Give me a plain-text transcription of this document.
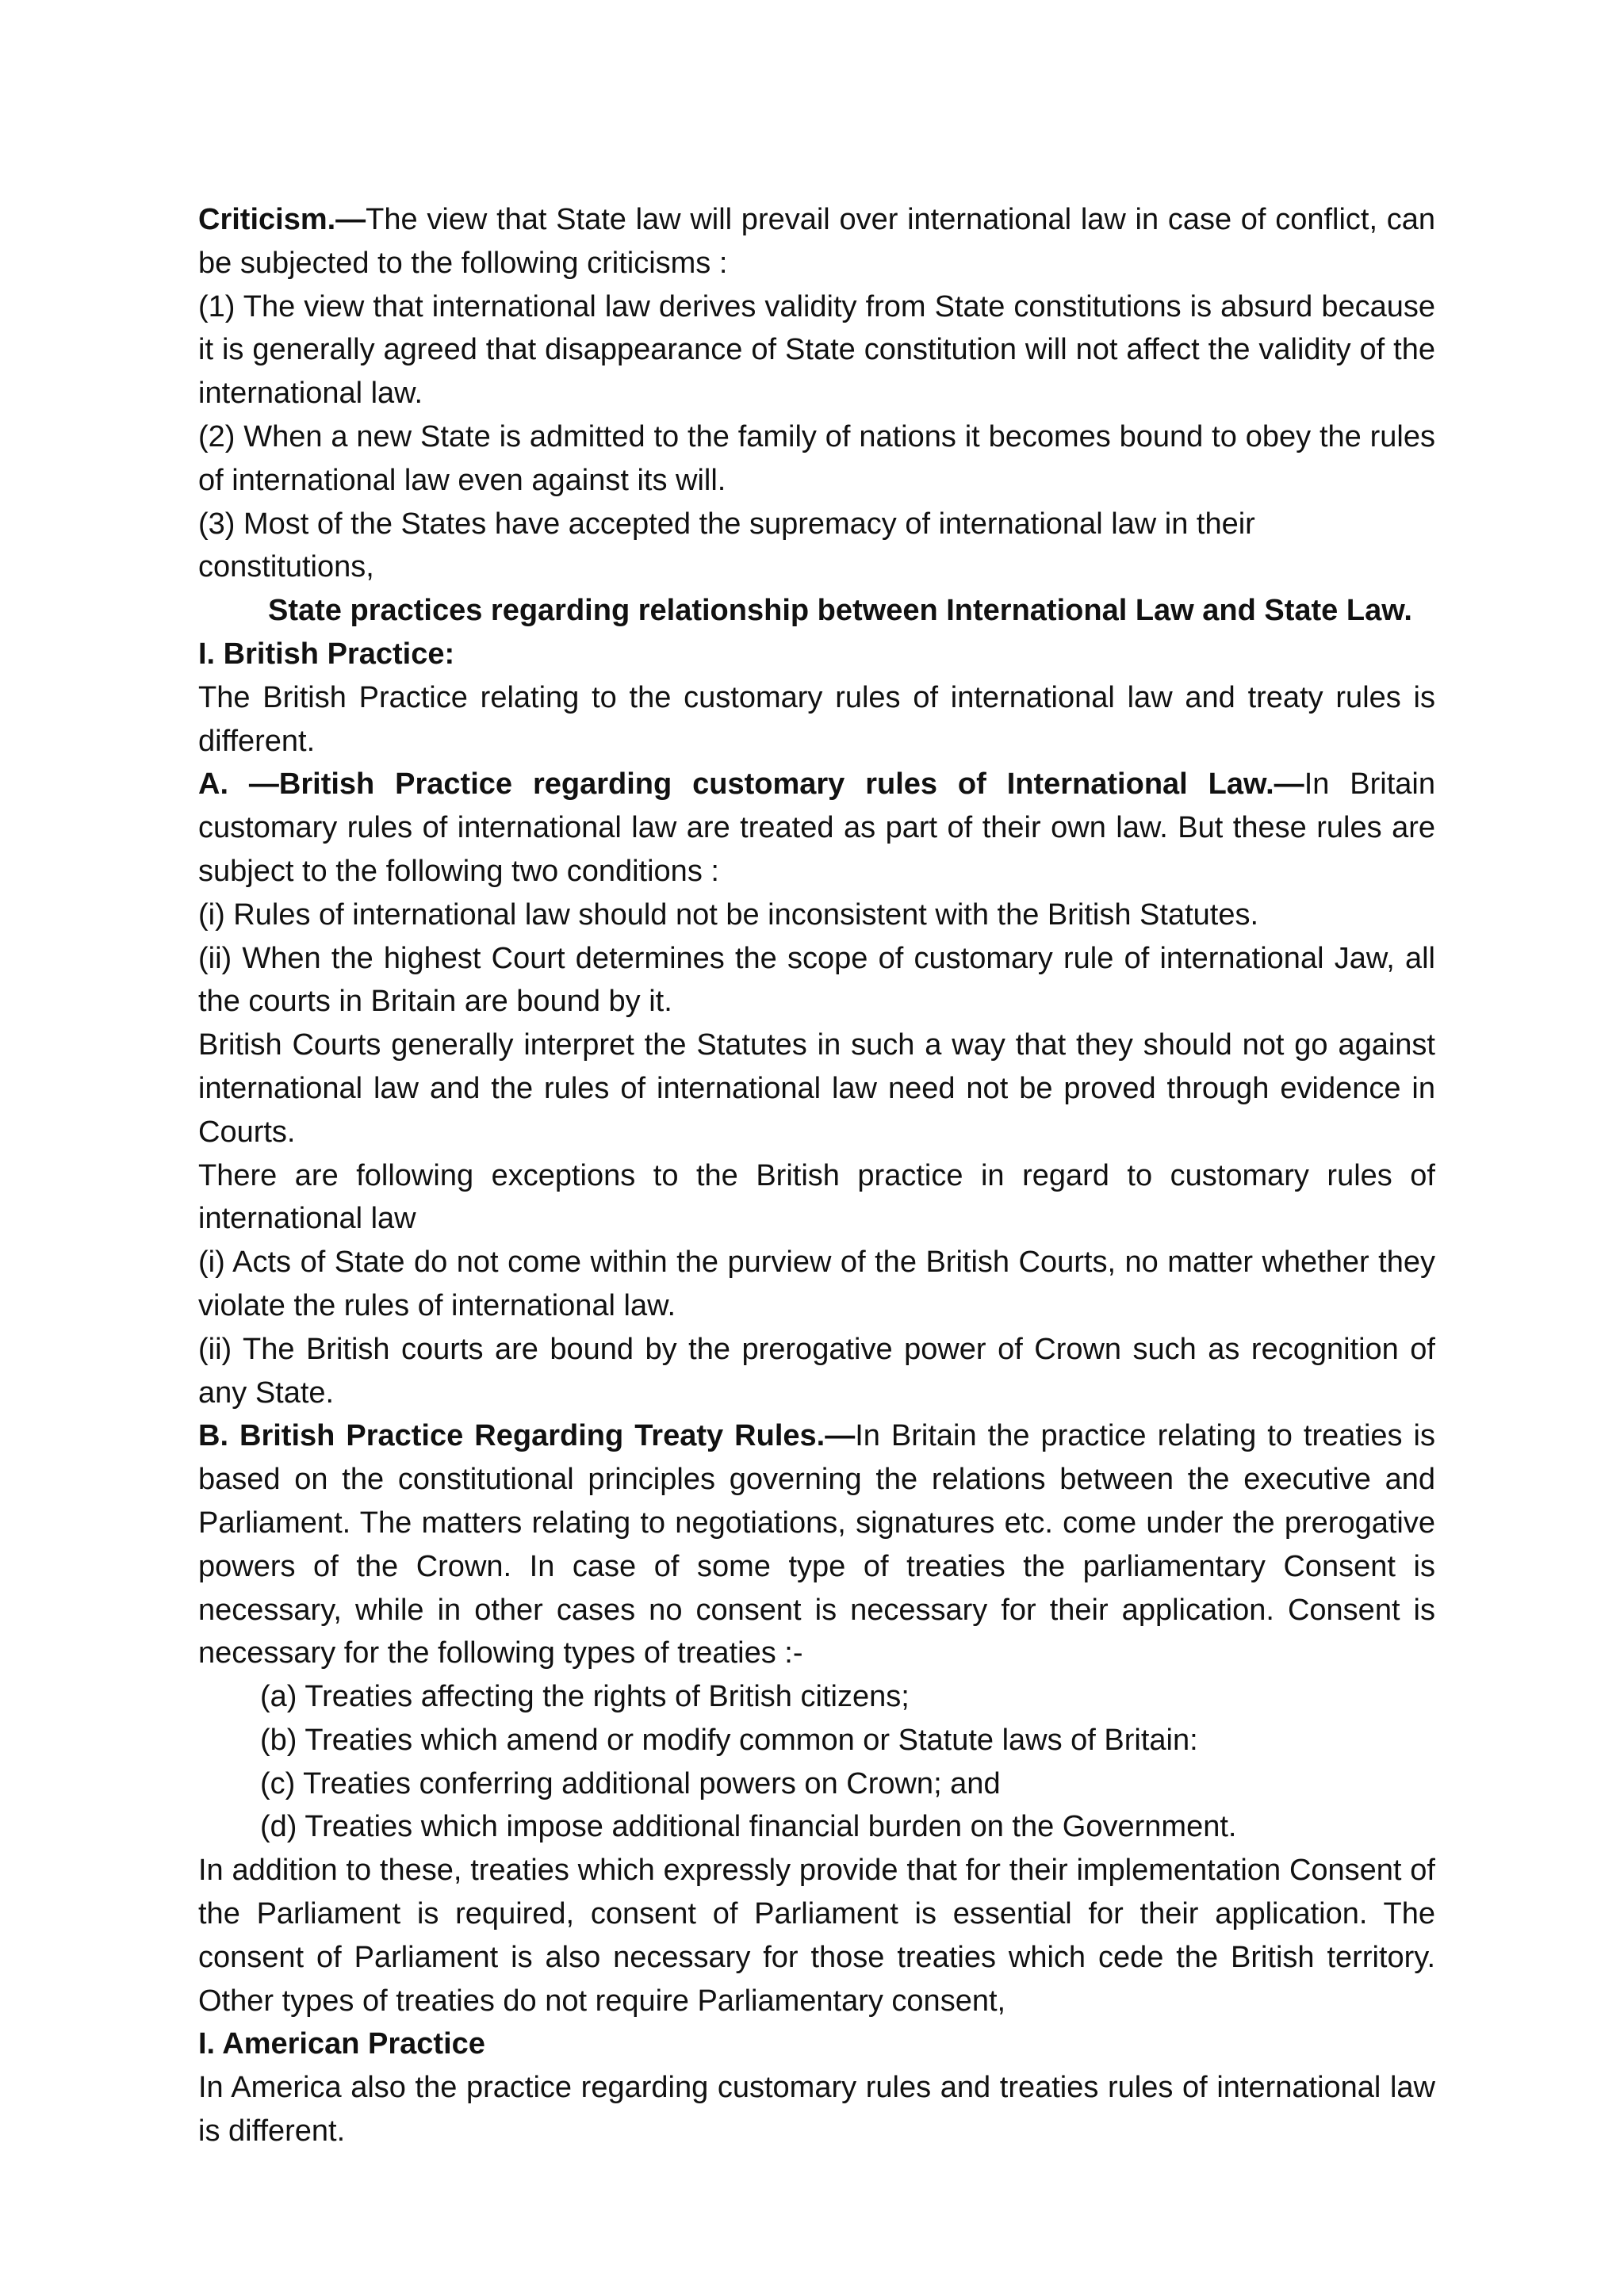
Criticism.—The view that State law will prevail over international law in case of conflict, can be subjected to the following criticisms :

(1) The view that international law derives validity from State constitutions is absurd because it is generally agreed that disappearance of State constitution will not affect the validity of the international law.

(2) When a new State is admitted to the family of nations it becomes bound to obey the rules of international law even against its will.

(3) Most of the States have accepted the supremacy of international law in their constitutions,

State practices regarding relationship between International Law and State Law.

I. British Practice:

The British Practice relating to the customary rules of international law and treaty rules is different.

A. —British Practice regarding customary rules of International Law.—In Britain customary rules of international law are treated as part of their own law. But these rules are subject to the following two conditions :

(i) Rules of international law should not be inconsistent with the British Statutes.

(ii) When the highest Court determines the scope of customary rule of international Jaw, all the courts in Britain are bound by it.

British Courts generally interpret the Statutes in such a way that they should not go against international law and the rules of international law need not be proved through evidence in Courts.

There are following exceptions to the British practice in regard to customary rules of international law

(i) Acts of State do not come within the purview of the British Courts, no matter whether they violate the rules of international law.

(ii) The British courts are bound by the prerogative power of Crown such as recognition of any State.

B. British Practice Regarding Treaty Rules.—In Britain the practice relating to treaties is based on the constitutional principles governing the relations between the executive and Parliament. The matters relating to negotiations, signatures etc. come under the prerogative powers of the Crown. In case of some type of treaties the parliamentary Consent is necessary, while in other cases no consent is necessary for their application. Consent is necessary for the following types of treaties :-

(a) Treaties affecting the rights of British citizens;

(b) Treaties which amend or modify common or Statute laws of Britain:

(c) Treaties conferring additional powers on Crown; and

(d) Treaties which impose additional financial burden on the Government.

In addition to these, treaties which expressly provide that for their implementation Consent of the Parliament is required, consent of Parliament is essential for their application. The consent of Parliament is also necessary for those treaties which cede the British territory. Other types of treaties do not require Parliamentary consent,

I. American Practice

In America also the practice regarding customary rules and treaties rules of international law is different.
